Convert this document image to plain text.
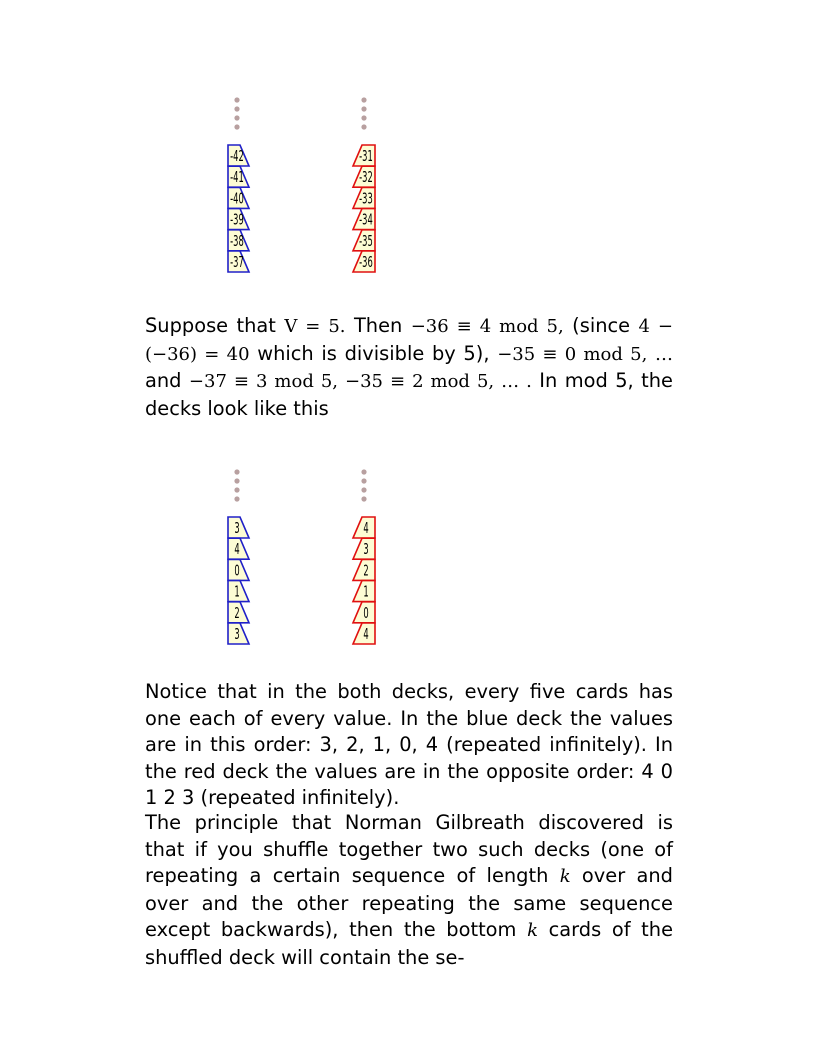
-42
-41
-40
-39
-38
-37
-31
-32
-33
-34
-35
-36

Suppose that V = 5. Then −36 ≡ 4 mod 5, (since 4 − (−36) = 40 which is divisible by 5), −35 ≡ 0 mod 5, …and −37 ≡ 3 mod 5, −35 ≡ 2 mod 5, … . In mod 5, the decks look like this

3
4
0
1
2
3
4
3
2
1
0
4

Notice that in the both decks, every five cards has one each of every value. In the blue deck the values are in this order: 3, 2, 1, 0, 4 (repeated infinitely). In the red deck the values are in the opposite order: 4 0 1 2 3 (repeated infinitely).

The principle that Norman Gilbreath discovered is that if you shuffle together two such decks (one of repeating a certain sequence of length k over and over and the other repeating the same sequence except backwards), then the bottom k cards of the shuffled deck will contain the se-
